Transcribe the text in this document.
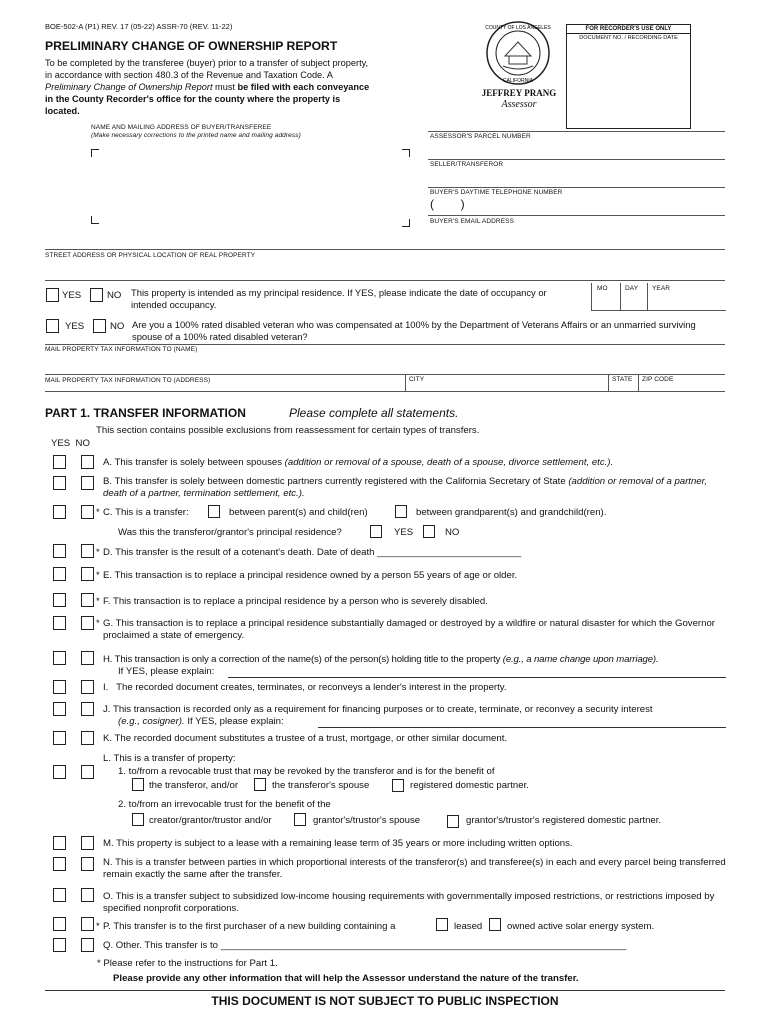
BOE-502-A (P1) REV. 17 (05-22) ASSR-70 (REV. 11-22)
PRELIMINARY CHANGE OF OWNERSHIP REPORT
To be completed by the transferee (buyer) prior to a transfer of subject property, in accordance with section 480.3 of the Revenue and Taxation Code. A Preliminary Change of Ownership Report must be filed with each conveyance in the County Recorder's office for the county where the property is located.
COUNTY OF LOS ANGELES
CALIFORNIA
JEFFREY PRANG
Assessor
FOR RECORDER'S USE ONLY
DOCUMENT NO. / RECORDING DATE
NAME AND MAILING ADDRESS OF BUYER/TRANSFEREE
(Make necessary corrections to the printed name and mailing address)	ASSESSOR'S PARCEL NUMBER
SELLER/TRANSFEROR
BUYER'S DAYTIME TELEPHONE NUMBER
(        )
BUYER'S EMAIL ADDRESS
STREET ADDRESS OR PHYSICAL LOCATION OF REAL PROPERTY
YES	NO This property is intended as my principal residence. If YES, please indicate the date of occupancy or intended occupancy.
MO	DAY YEAR
YES	NO Are you a 100% rated disabled veteran who was compensated at 100% by the Department of Veterans Affairs or an unmarried surviving spouse of a 100% rated disabled veteran?
MAIL PROPERTY TAX INFORMATION TO (NAME)
MAIL PROPERTY TAX INFORMATION TO (ADDRESS)	CITY	STATE ZIP CODE
PART 1. TRANSFER INFORMATION	Please complete all statements.
This section contains possible exclusions from reassessment for certain types of transfers.
YES  NO
A. This transfer is solely between spouses (addition or removal of a spouse, death of a spouse, divorce settlement, etc.).
B. This transfer is solely between domestic partners currently registered with the California Secretary of State (addition or removal of a partner, death of a partner, termination settlement, etc.).
* C. This is a transfer:	between parent(s) and child(ren)	between grandparent(s) and grandchild(ren).
Was this the transferor/grantor's principal residence?	YES	NO
* D. This transfer is the result of a cotenant's death. Date of death ___________________________
* E. This transaction is to replace a principal residence owned by a person 55 years of age or older.
* F. This transaction is to replace a principal residence by a person who is severely disabled.
* G. This transaction is to replace a principal residence substantially damaged or destroyed by a wildfire or natural disaster for which the Governor proclaimed a state of emergency.
H. This transaction is only a correction of the name(s) of the person(s) holding title to the property (e.g., a name change upon marriage).
If YES, please explain:
I.   The recorded document creates, terminates, or reconveys a lender's interest in the property.
J. This transaction is recorded only as a requirement for financing purposes or to create, terminate, or reconvey a security interest
(e.g., cosigner). If YES, please explain:
K. The recorded document substitutes a trustee of a trust, mortgage, or other similar document.
L. This is a transfer of property:
1. to/from a revocable trust that may be revoked by the transferor and is for the benefit of
the transferor, and/or	the transferor's spouse	registered domestic partner.
2. to/from an irrevocable trust for the benefit of the
creator/grantor/trustor and/or	grantor's/trustor's spouse	grantor's/trustor's registered domestic partner.
M. This property is subject to a lease with a remaining lease term of 35 years or more including written options.
N. This is a transfer between parties in which proportional interests of the transferor(s) and transferee(s) in each and every parcel being transferred remain exactly the same after the transfer.
O. This is a transfer subject to subsidized low-income housing requirements with governmentally imposed restrictions, or restrictions imposed by specified nonprofit corporations.
* P. This transfer is to the first purchaser of a new building containing a	leased	owned active solar energy system.
Q. Other. This transfer is to ____________________________________________________________________________
* Please refer to the instructions for Part 1.
Please provide any other information that will help the Assessor understand the nature of the transfer.
THIS DOCUMENT IS NOT SUBJECT TO PUBLIC INSPECTION
